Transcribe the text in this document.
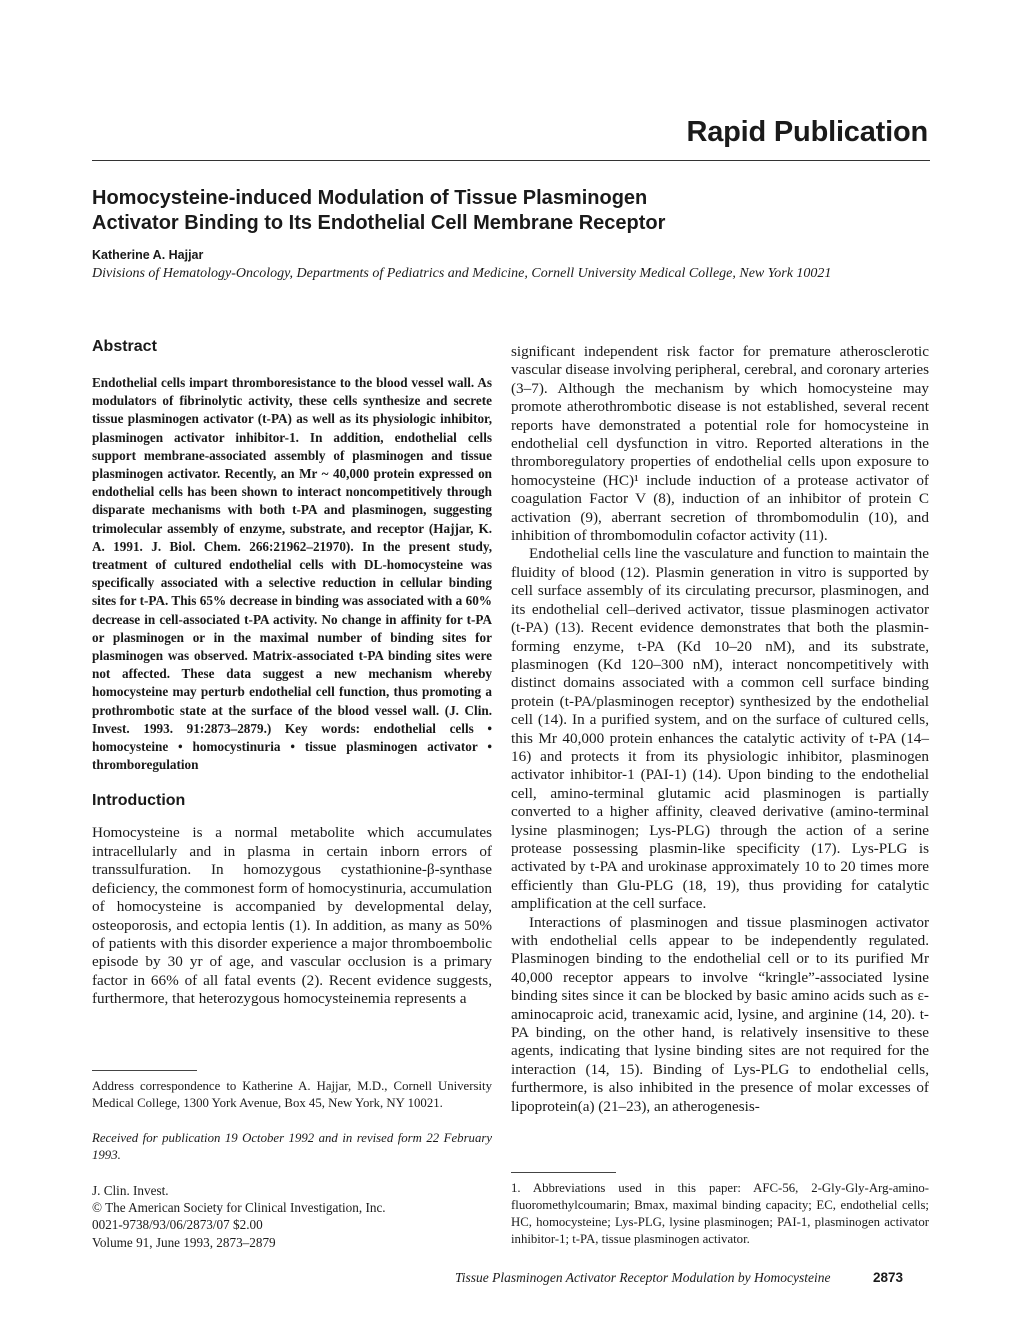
Rapid Publication
Homocysteine-induced Modulation of Tissue Plasminogen
Activator Binding to Its Endothelial Cell Membrane Receptor
Katherine A. Hajjar
Divisions of Hematology-Oncology, Departments of Pediatrics and Medicine, Cornell University Medical College, New York 10021
Abstract

Endothelial cells impart thromboresistance to the blood vessel wall. As modulators of fibrinolytic activity, these cells synthesize and secrete tissue plasminogen activator (t-PA) as well as its physiologic inhibitor, plasminogen activator inhibitor-1. In addition, endothelial cells support membrane-associated assembly of plasminogen and tissue plasminogen activator. Recently, an Mr ~ 40,000 protein expressed on endothelial cells has been shown to interact noncompetitively through disparate mechanisms with both t-PA and plasminogen, suggesting trimolecular assembly of enzyme, substrate, and receptor (Hajjar, K. A. 1991. J. Biol. Chem. 266:21962–21970). In the present study, treatment of cultured endothelial cells with DL-homocysteine was specifically associated with a selective reduction in cellular binding sites for t-PA. This 65% decrease in binding was associated with a 60% decrease in cell-associated t-PA activity. No change in affinity for t-PA or plasminogen or in the maximal number of binding sites for plasminogen was observed. Matrix-associated t-PA binding sites were not affected. These data suggest a new mechanism whereby homocysteine may perturb endothelial cell function, thus promoting a prothrombotic state at the surface of the blood vessel wall. (J. Clin. Invest. 1993. 91:2873–2879.) Key words: endothelial cells • homocysteine • homocystinuria • tissue plasminogen activator • thromboregulation

Introduction

Homocysteine is a normal metabolite which accumulates intracellularly and in plasma in certain inborn errors of transsulfuration. In homozygous cystathionine-β-synthase deficiency, the commonest form of homocystinuria, accumulation of homocysteine is accompanied by developmental delay, osteoporosis, and ectopia lentis (1). In addition, as many as 50% of patients with this disorder experience a major thromboembolic episode by 30 yr of age, and vascular occlusion is a primary factor in 66% of all fatal events (2). Recent evidence suggests, furthermore, that heterozygous homocysteinemia represents a

significant independent risk factor for premature atherosclerotic vascular disease involving peripheral, cerebral, and coronary arteries (3–7). Although the mechanism by which homocysteine may promote atherothrombotic disease is not established, several recent reports have demonstrated a potential role for homocysteine in endothelial cell dysfunction in vitro. Reported alterations in the thromboregulatory properties of endothelial cells upon exposure to homocysteine (HC)¹ include induction of a protease activator of coagulation Factor V (8), induction of an inhibitor of protein C activation (9), aberrant secretion of thrombomodulin (10), and inhibition of thrombomodulin cofactor activity (11).

Endothelial cells line the vasculature and function to maintain the fluidity of blood (12). Plasmin generation in vitro is supported by cell surface assembly of its circulating precursor, plasminogen, and its endothelial cell–derived activator, tissue plasminogen activator (t-PA) (13). Recent evidence demonstrates that both the plasmin-forming enzyme, t-PA (Kd 10–20 nM), and its substrate, plasminogen (Kd 120–300 nM), interact noncompetitively with distinct domains associated with a common cell surface binding protein (t-PA/plasminogen receptor) synthesized by the endothelial cell (14). In a purified system, and on the surface of cultured cells, this Mr 40,000 protein enhances the catalytic activity of t-PA (14–16) and protects it from its physiologic inhibitor, plasminogen activator inhibitor-1 (PAI-1) (14). Upon binding to the endothelial cell, amino-terminal glutamic acid plasminogen is partially converted to a higher affinity, cleaved derivative (amino-terminal lysine plasminogen; Lys-PLG) through the action of a serine protease possessing plasmin-like specificity (17). Lys-PLG is activated by t-PA and urokinase approximately 10 to 20 times more efficiently than Glu-PLG (18, 19), thus providing for catalytic amplification at the cell surface.

Interactions of plasminogen and tissue plasminogen activator with endothelial cells appear to be independently regulated. Plasminogen binding to the endothelial cell or to its purified Mr 40,000 receptor appears to involve “kringle”-associated lysine binding sites since it can be blocked by basic amino acids such as ε-aminocaproic acid, tranexamic acid, lysine, and arginine (14, 20). t-PA binding, on the other hand, is relatively insensitive to these agents, indicating that lysine binding sites are not required for the interaction (14, 15). Binding of Lys-PLG to endothelial cells, furthermore, is also inhibited in the presence of molar excesses of lipoprotein(a) (21–23), an atherogenesis-

Address correspondence to Katherine A. Hajjar, M.D., Cornell University Medical College, 1300 York Avenue, Box 45, New York, NY 10021.

Received for publication 19 October 1992 and in revised form 22 February 1993.

J. Clin. Invest.
© The American Society for Clinical Investigation, Inc.
0021-9738/93/06/2873/07 $2.00
Volume 91, June 1993, 2873–2879

1. Abbreviations used in this paper: AFC-56, 2-Gly-Gly-Arg-amino-fluoromethylcoumarin; Bmax, maximal binding capacity; EC, endothelial cells; HC, homocysteine; Lys-PLG, lysine plasminogen; PAI-1, plasminogen activator inhibitor-1; t-PA, tissue plasminogen activator.

Tissue Plasminogen Activator Receptor Modulation by Homocysteine	2873
